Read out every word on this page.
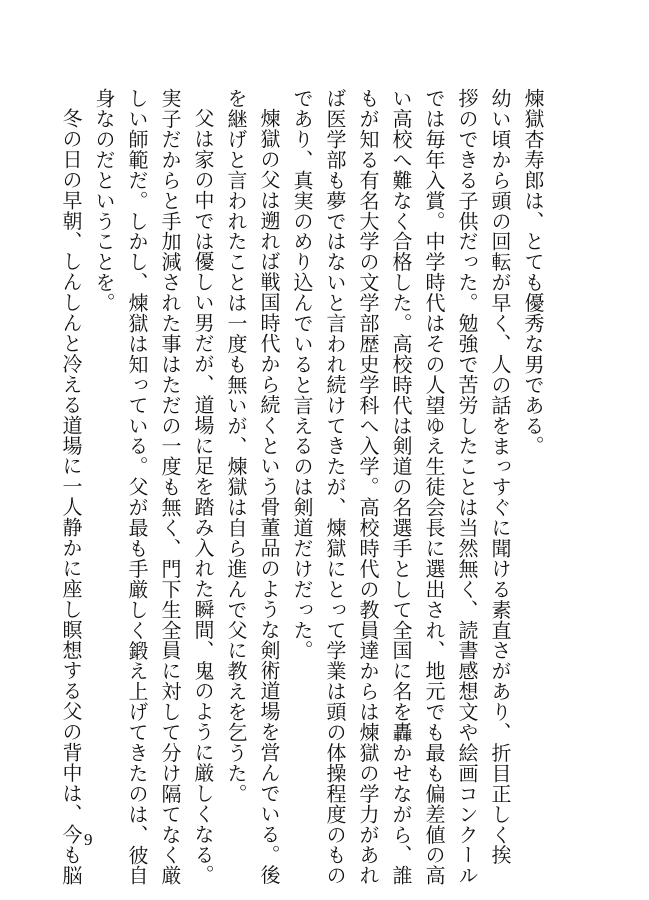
煉獄杏寿郎は、とても優秀な男である。

幼い頃から頭の回転が早く、人の話をまっすぐに聞ける素直さがあり、折目正しく挨

拶のできる子供だった。勉強で苦労したことは当然無く、読書感想文や絵画コンクール

では毎年入賞。中学時代はその人望ゆえ生徒会長に選出され、地元でも最も偏差値の高

い高校へ難なく合格した。高校時代は剣道の名選手として全国に名を轟かせながら、誰

もが知る有名大学の文学部歴史学科へ入学。高校時代の教員達からは煉獄の学力があれ

ば医学部も夢ではないと言われ続けてきたが、煉獄にとって学業は頭の体操程度のもの

であり、真実のめり込んでいると言えるのは剣道だけだった。

煉獄の父は遡れば戦国時代から続くという骨董品のような剣術道場を営んでいる。後

を継げと言われたことは一度も無いが、煉獄は自ら進んで父に教えを乞うた。

父は家の中では優しい男だが、道場に足を踏み入れた瞬間、鬼のように厳しくなる。

実子だからと手加減された事はただの一度も無く、門下生全員に対して分け隔てなく厳

しい師範だ。しかし、煉獄は知っている。父が最も手厳しく鍛え上げてきたのは、彼自

身なのだということを。

冬の日の早朝、しんしんと冷える道場に一人静かに座し瞑想する父の背中は、今も脳 9
